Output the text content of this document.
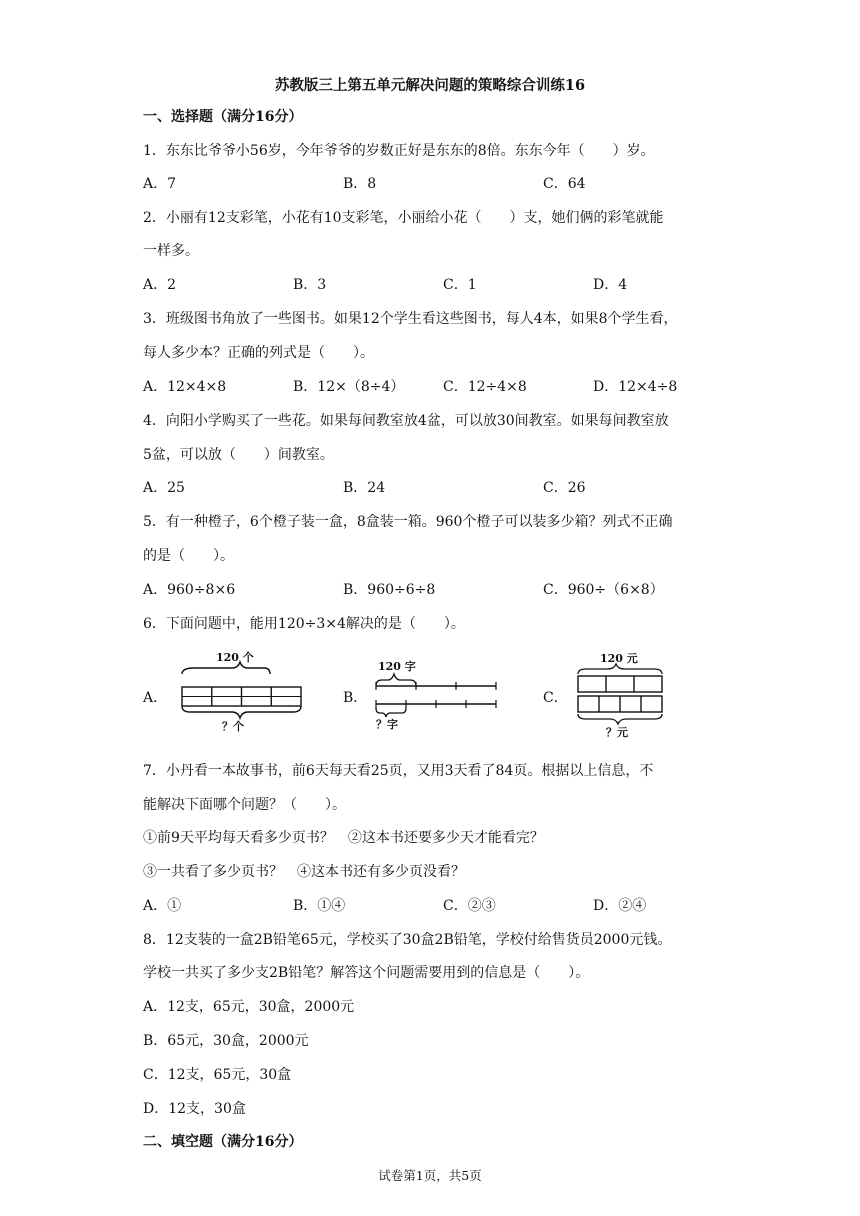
苏教版三上第五单元解决问题的策略综合训练16
一、选择题（满分16分）
1．东东比爷爷小56岁，今年爷爷的岁数正好是东东的8倍。东东今年（　　）岁。
A．7	B．8	C．64
2．小丽有12支彩笔，小花有10支彩笔，小丽给小花（　　）支，她们俩的彩笔就能
一样多。
A．2	B．3	C．1	D．4
3．班级图书角放了一些图书。如果12个学生看这些图书，每人4本，如果8个学生看，
每人多少本？正确的列式是（　　）。
A．12×4×8	B．12×（8÷4）	C．12÷4×8	D．12×4÷8
4．向阳小学购买了一些花。如果每间教室放4盆，可以放30间教室。如果每间教室放
5盆，可以放（　　）间教室。
A．25	B．24	C．26
5．有一种橙子，6个橙子装一盒，8盒装一箱。960个橙子可以装多少箱？列式不正确
的是（　　）。
A．960÷8×6	B．960÷6÷8	C．960÷（6×8）
6．下面问题中，能用120÷3×4解决的是（　　）。
A．	B．	C．
120 个
？个
120 字
？字
120 元
？元
7．小丹看一本故事书，前6天每天看25页，又用3天看了84页。根据以上信息，不
能解决下面哪个问题？（　　）。
①前9天平均每天看多少页书？　②这本书还要多少天才能看完？
③一共看了多少页书？　④这本书还有多少页没看？
A．①	B．①④	C．②③	D．②④
8．12支装的一盒2B铅笔65元，学校买了30盒2B铅笔，学校付给售货员2000元钱。
学校一共买了多少支2B铅笔？解答这个问题需要用到的信息是（　　）。
A．12支，65元，30盒，2000元
B．65元，30盒，2000元
C．12支，65元，30盒
D．12支，30盒
二、填空题（满分16分）
试卷第1页，共5页
